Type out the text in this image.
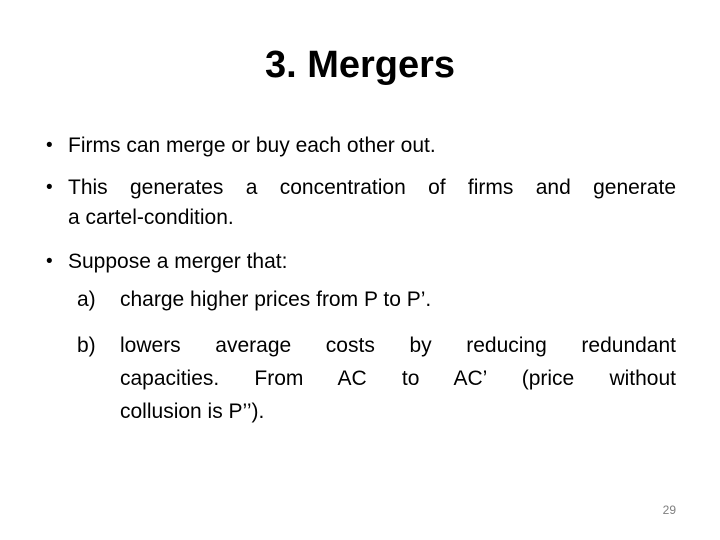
3. Mergers
• Firms can merge or buy each other out.
• This generates a concentration of firms and generate
a cartel-condition.
• Suppose a merger that:
a)	charge higher prices from P to P’.
b)	lowers average costs by reducing redundant
capacities. From AC to AC’ (price without
collusion is P’’).
29
